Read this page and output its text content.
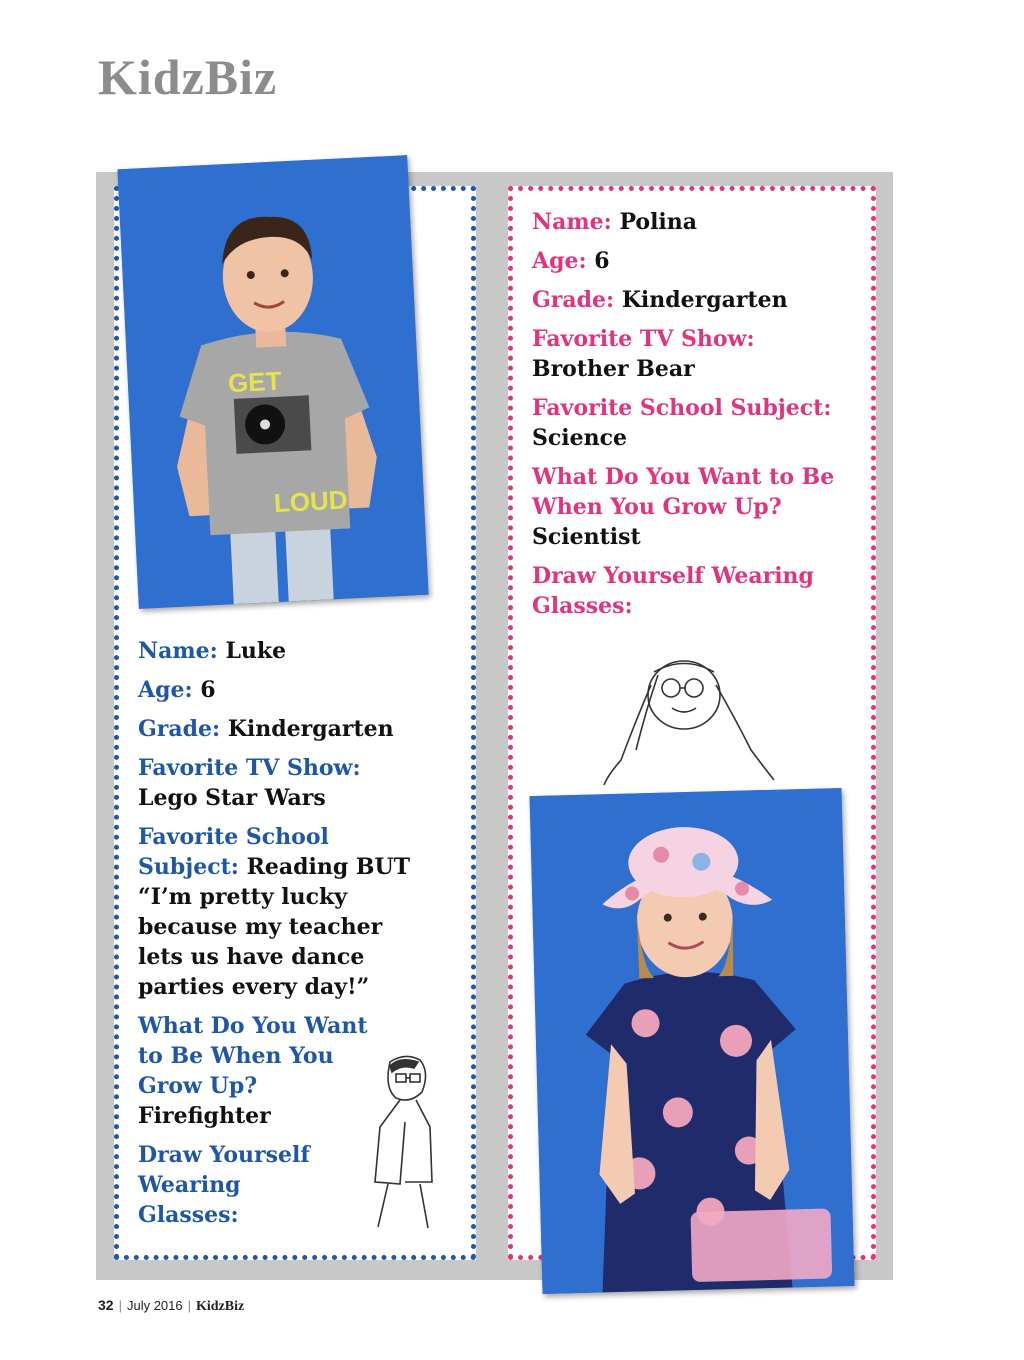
KidzBiz
GET
LOUD
Name: Polina
Age: 6
Grade: Kindergarten
Favorite TV Show:
Brother Bear
Favorite School Subject:
Science
What Do You Want to Be When You Grow Up?
Scientist
Draw Yourself Wearing Glasses:
Name: Luke
Age: 6
Grade: Kindergarten
Favorite TV Show:
Lego Star Wars
Favorite School Subject: Reading BUT “I’m pretty lucky because my teacher lets us have dance parties every day!”
What Do You Want to Be When You Grow Up?
Firefighter
Draw Yourself Wearing Glasses:
32 | July 2016 | KidzBiz
